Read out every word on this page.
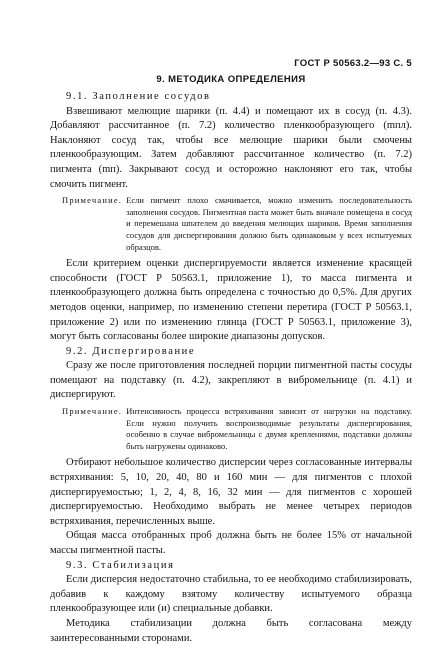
ГОСТ Р 50563.2—93 С. 5
9. МЕТОДИКА ОПРЕДЕЛЕНИЯ

9.1. Заполнение сосудов

Взвешивают мелющие шарики (п. 4.4) и помещают их в сосуд (п. 4.3). Добавляют рассчитанное (п. 7.2) количество пленкообразующего (mпл). Наклоняют сосуд так, чтобы все мелющие шарики были смочены пленкообразующим. Затем добавляют рассчитанное количество (п. 7.2) пигмента (mп). Закрывают сосуд и осторожно наклоняют его так, чтобы смочить пигмент.

Примечание. Если пигмент плохо смачивается, можно изменить последовательность заполнения сосудов. Пигментная паста может быть вначале помещена в сосуд и перемешана шпателем до введения мелющих шариков. Время заполнения сосудов для диспергирования должно быть одинаковым у всех испытуемых образцов.

Если критерием оценки диспергируемости является изменение красящей способности (ГОСТ Р 50563.1, приложение 1), то масса пигмента и пленкообразующего должна быть определена с точностью до 0,5%. Для других методов оценки, например, по изменению степени перетира (ГОСТ Р 50563.1, приложение 2) или по изменению глянца (ГОСТ Р 50563.1, приложение 3), могут быть согласованы более широкие диапазоны допусков.

9.2. Диспергирование

Сразу же после приготовления последней порции пигментной пасты сосуды помещают на подставку (п. 4.2), закрепляют в вибромельнице (п. 4.1) и диспергируют.

Примечание. Интенсивность процесса встряхивания зависит от нагрузки на подставку. Если нужно получить воспроизводимые результаты диспергирования, особенно в случае вибромельницы с двумя креплениями, подставки должны быть нагружены одинаково.

Отбирают небольшое количество дисперсии через согласованные интервалы встряхивания: 5, 10, 20, 40, 80 и 160 мин — для пигментов с плохой диспергируемостью; 1, 2, 4, 8, 16, 32 мин — для пигментов с хорошей диспергируемостью. Необходимо выбрать не менее четырех периодов встряхивания, перечисленных выше.

Общая масса отобранных проб должна быть не более 15% от начальной массы пигментной пасты.

9.3. Стабилизация

Если дисперсия недостаточно стабильна, то ее необходимо стабилизировать, добавив к каждому взятому количеству испытуемого образца пленкообразующее или (и) специальные добавки.

Методика стабилизации должна быть согласована между заинтересованными сторонами.
